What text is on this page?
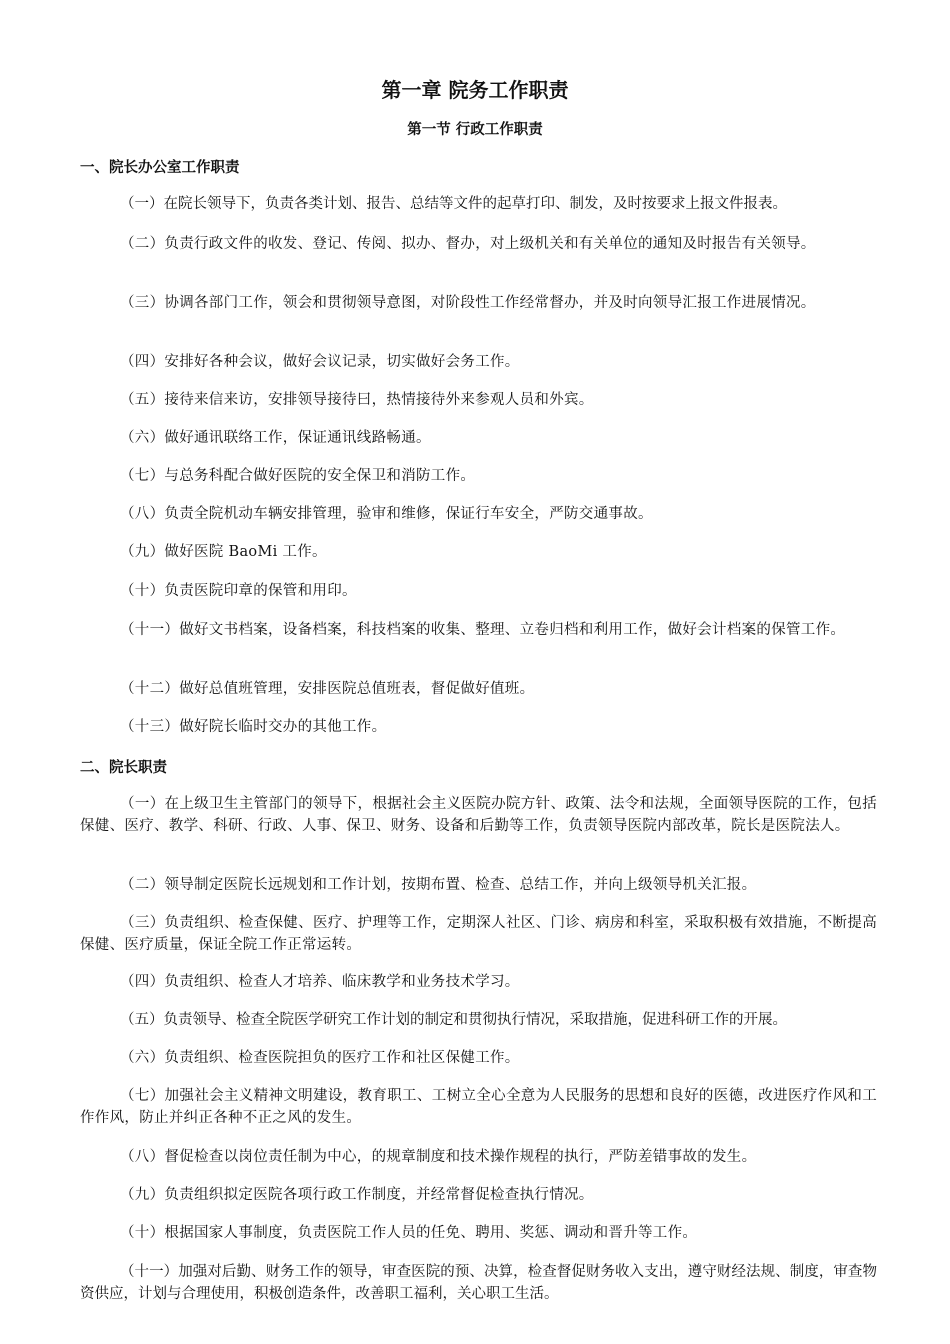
第一章 院务工作职责
第一节 行政工作职责
一、院长办公室工作职责
（一）在院长领导下，负责各类计划、报告、总结等文件的起草打印、制发，及时按要求上报文件报表。
（二）负责行政文件的收发、登记、传阅、拟办、督办，对上级机关和有关单位的通知及时报告有关领导。
（三）协调各部门工作，领会和贯彻领导意图，对阶段性工作经常督办，并及时向领导汇报工作进展情况。
（四）安排好各种会议，做好会议记录，切实做好会务工作。
（五）接待来信来访，安排领导接待曰，热情接待外来参观人员和外宾。
（六）做好通讯联络工作，保证通讯线路畅通。
（七）与总务科配合做好医院的安全保卫和消防工作。
（八）负责全院机动车辆安排管理，验审和维修，保证行车安全，严防交通事故。
（九）做好医院 BaoMi 工作。
（十）负责医院印章的保管和用印。
（十一）做好文书档案，设备档案，科技档案的收集、整理、立卷归档和利用工作，做好会计档案的保管工作。
（十二）做好总值班管理，安排医院总值班表，督促做好值班。
（十三）做好院长临时交办的其他工作。
二、院长职责
（一）在上级卫生主管部门的领导下，根据社会主义医院办院方针、政策、法令和法规，全面领导医院的工作，包括保健、医疗、教学、科研、行政、人事、保卫、财务、设备和后勤等工作，负责领导医院内部改革，院长是医院法人。
（二）领导制定医院长远规划和工作计划，按期布置、检查、总结工作，并向上级领导机关汇报。
（三）负责组织、检查保健、医疗、护理等工作，定期深人社区、门诊、病房和科室，采取积极有效措施，不断提高保健、医疗质量，保证全院工作正常运转。
（四）负责组织、检查人才培养、临床教学和业务技术学习。
（五）负责领导、检查全院医学研究工作计划的制定和贯彻执行情况，采取措施，促进科研工作的开展。
（六）负责组织、检查医院担负的医疗工作和社区保健工作。
（七）加强社会主义精神文明建设，教育职工、工树立全心全意为人民服务的思想和良好的医德，改进医疗作风和工作作风，防止并纠正各种不正之风的发生。
（八）督促检查以岗位责任制为中心，的规章制度和技术操作规程的执行，严防差错事故的发生。
（九）负责组织拟定医院各项行政工作制度，并经常督促检查执行情况。
（十）根据国家人事制度，负责医院工作人员的任免、聘用、奖惩、调动和晋升等工作。
（十一）加强对后勤、财务工作的领导，审查医院的预、决算，检查督促财务收入支出，遵守财经法规、制度，审查物资供应，计划与合理使用，积极创造条件，改善职工福利，关心职工生活。
